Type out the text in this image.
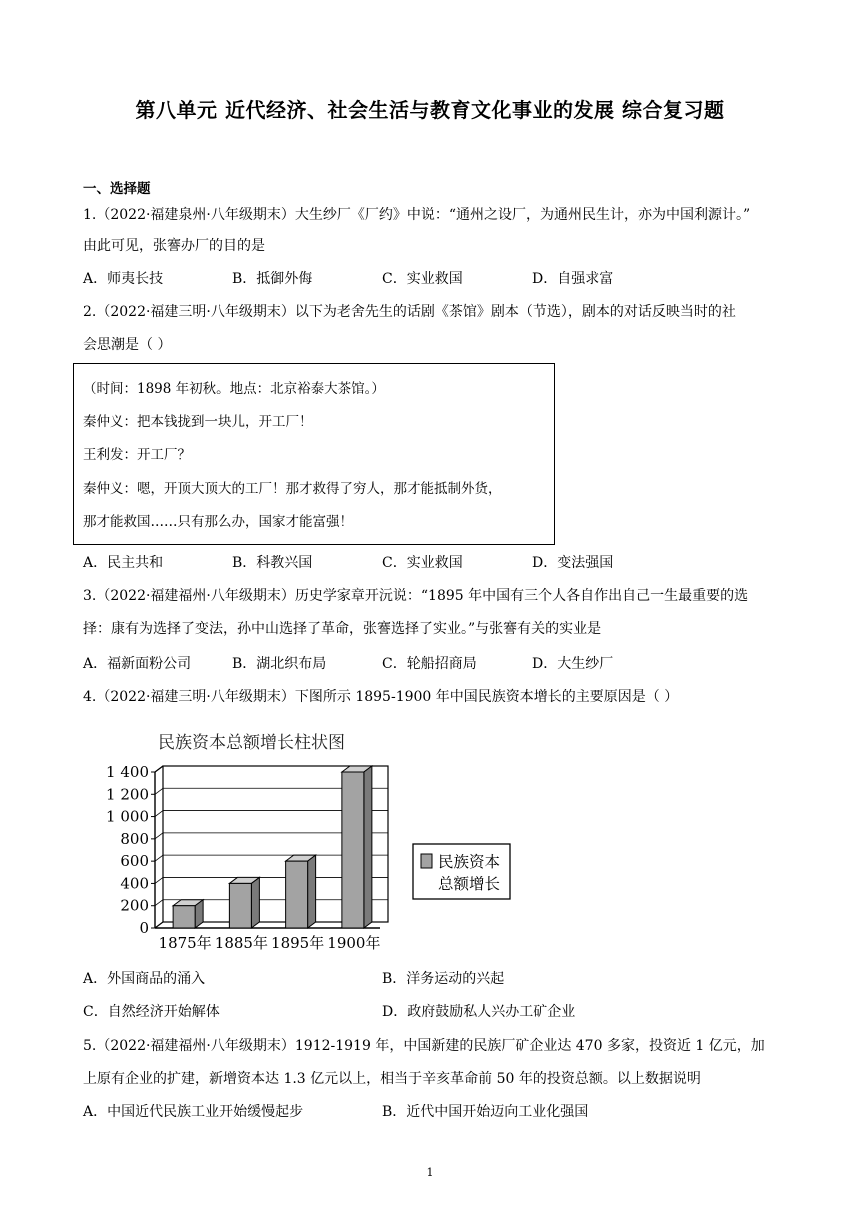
第八单元 近代经济、社会生活与教育文化事业的发展 综合复习题
一、选择题
1.（2022·福建泉州·八年级期末）大生纱厂《厂约》中说：“通州之设厂，为通州民生计，亦为中国利源计。”
由此可见，张謇办厂的目的是
A．师夷长技	B．抵御外侮	C．实业救国	D．自强求富
2.（2022·福建三明·八年级期末）以下为老舍先生的话剧《茶馆》剧本（节选），剧本的对话反映当时的社
会思潮是（ ）
（时间：1898 年初秋。地点：北京裕泰大茶馆。）
秦仲义：把本钱拢到一块儿，开工厂！
王利发：开工厂？
秦仲义：嗯，开顶大顶大的工厂！那才救得了穷人，那才能抵制外货，
那才能救国……只有那么办，国家才能富强！
A．民主共和	B．科教兴国	C．实业救国	D．变法强国
3.（2022·福建福州·八年级期末）历史学家章开沅说：“1895 年中国有三个人各自作出自己一生最重要的选
择：康有为选择了变法，孙中山选择了革命，张謇选择了实业。”与张謇有关的实业是
A．福新面粉公司	B．湖北织布局	C．轮船招商局	D．大生纱厂
4.（2022·福建三明·八年级期末）下图所示 1895-1900 年中国民族资本增长的主要原因是（ ）
民族资本总额增长柱状图
0
200
400
600
800
1 000
1 200
1 400
1875年 1885年 1895年 1900年
民族资本
总额增长
A．外国商品的涌入	B．洋务运动的兴起
C．自然经济开始解体	D．政府鼓励私人兴办工矿企业
5.（2022·福建福州·八年级期末）1912-1919 年，中国新建的民族厂矿企业达 470 多家，投资近 1 亿元，加
上原有企业的扩建，新增资本达 1.3 亿元以上，相当于辛亥革命前 50 年的投资总额。以上数据说明
A．中国近代民族工业开始缓慢起步	B．近代中国开始迈向工业化强国
1
